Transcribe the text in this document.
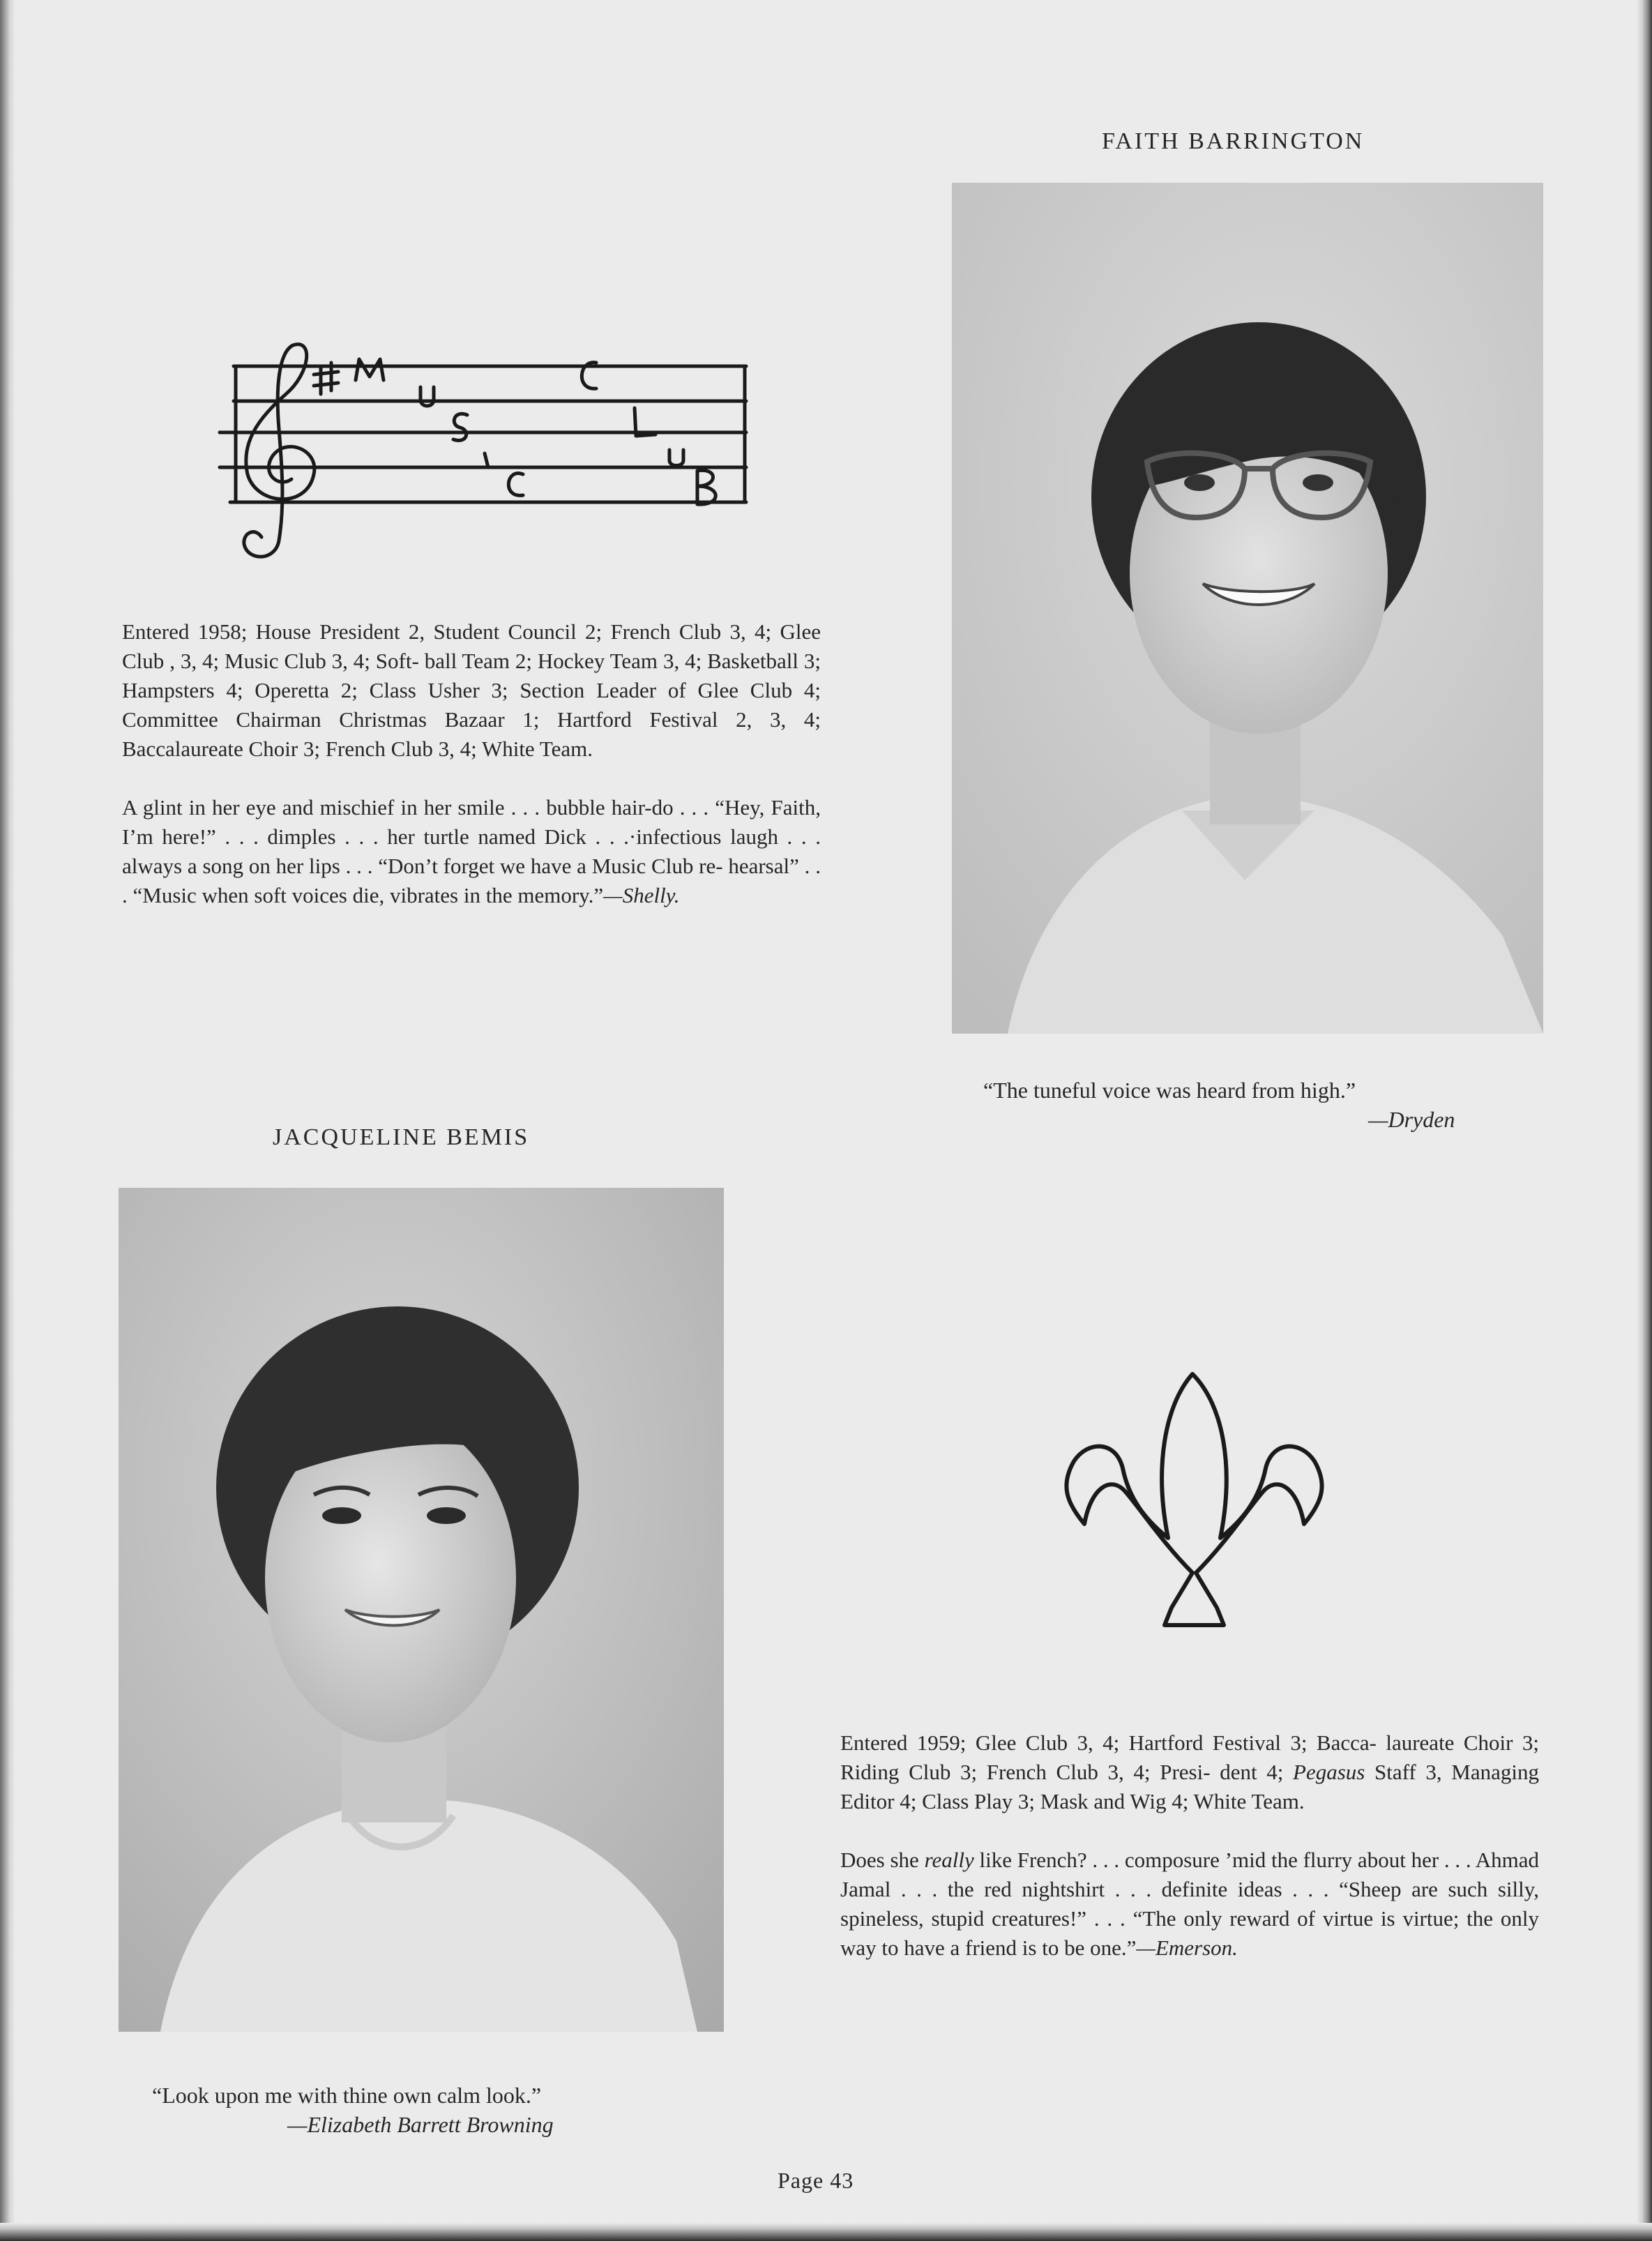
FAITH BARRINGTON

Entered 1958; House President 2, Student Council 2; French Club 3, 4; Glee Club , 3, 4; Music Club 3, 4; Soft- ball Team 2; Hockey Team 3, 4; Basketball 3; Hampsters 4; Operetta 2; Class Usher 3; Section Leader of Glee Club 4; Committee Chairman Christmas Bazaar 1; Hartford Festival 2, 3, 4; Baccalaureate Choir 3; French Club 3, 4; White Team.

A glint in her eye and mischief in her smile . . . bubble hair-do . . . “Hey, Faith, I’m here!” . . . dimples . . . her turtle named Dick . . .·infectious laugh . . . always a song on her lips . . . “Don’t forget we have a Music Club re- hearsal” . . . “Music when soft voices die, vibrates in the memory.”—Shelly.

“The tuneful voice was heard from high.”
—Dryden
JACQUELINE BEMIS
“Look upon me with thine own calm look.”
—Elizabeth Barrett Browning

Entered 1959; Glee Club 3, 4; Hartford Festival 3; Bacca- laureate Choir 3; Riding Club 3; French Club 3, 4; Presi- dent 4; Pegasus Staff 3, Managing Editor 4; Class Play 3; Mask and Wig 4; White Team.

Does she really like French? . . . composure ’mid the flurry about her . . . Ahmad Jamal . . . the red nightshirt . . . definite ideas . . . “Sheep are such silly, spineless, stupid creatures!” . . . “The only reward of virtue is virtue; the only way to have a friend is to be one.”—Emerson.

Page 43
